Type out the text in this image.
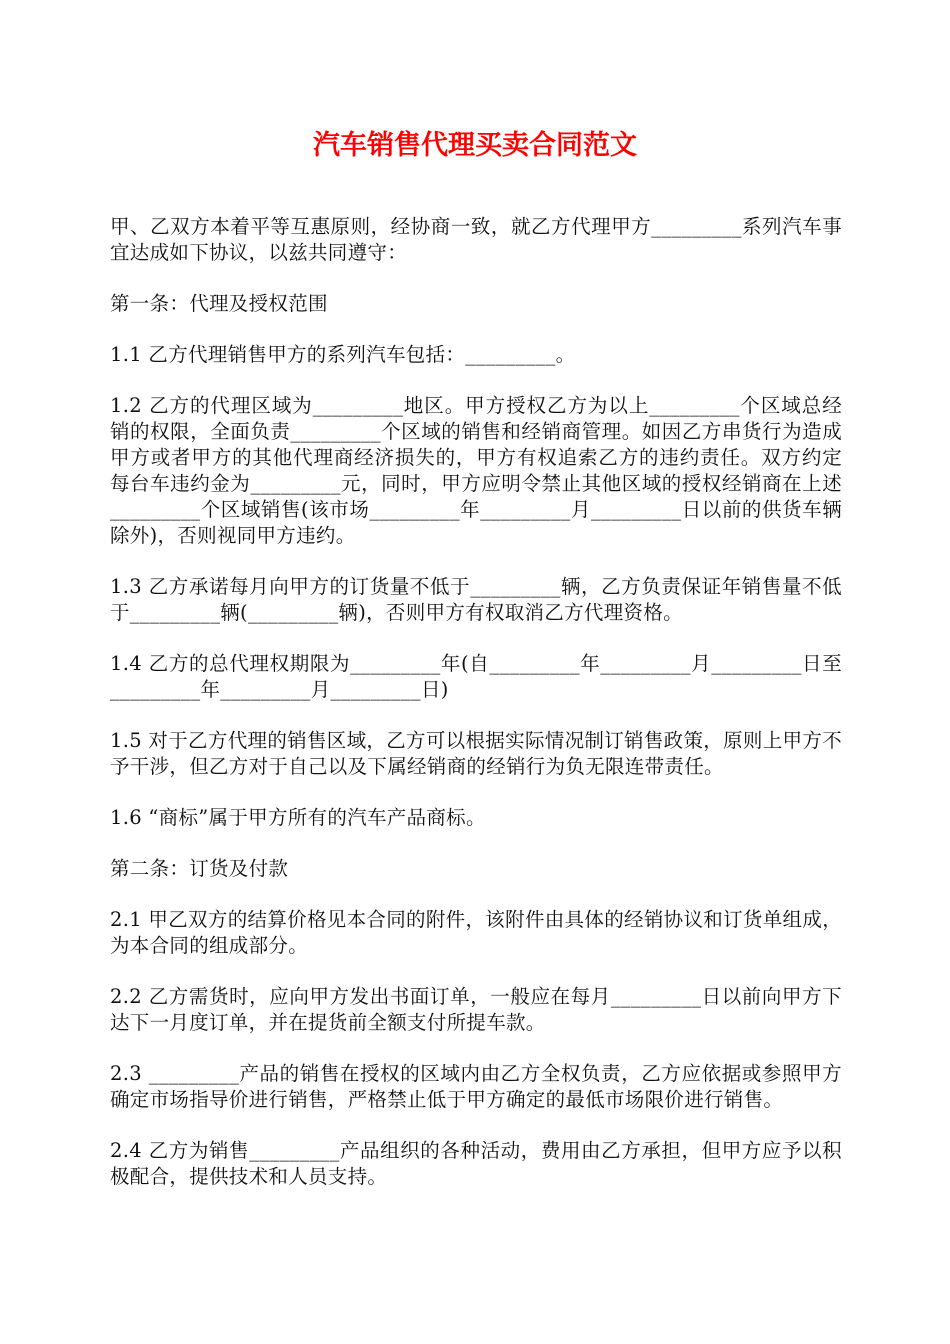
汽车销售代理买卖合同范文

甲、乙双方本着平等互惠原则，经协商一致，就乙方代理甲方_________系列汽车事宜达成如下协议，以兹共同遵守：

第一条：代理及授权范围

1.1 乙方代理销售甲方的系列汽车包括：_________。

1.2 乙方的代理区域为_________地区。甲方授权乙方为以上_________个区域总经销的权限，全面负责_________个区域的销售和经销商管理。如因乙方串货行为造成甲方或者甲方的其他代理商经济损失的，甲方有权追索乙方的违约责任。双方约定每台车违约金为_________元，同时，甲方应明令禁止其他区域的授权经销商在上述_________个区域销售(该市场_________年_________月_________日以前的供货车辆除外)，否则视同甲方违约。

1.3 乙方承诺每月向甲方的订货量不低于_________辆，乙方负责保证年销售量不低于_________辆(_________辆)，否则甲方有权取消乙方代理资格。

1.4 乙方的总代理权期限为_________年(自_________年_________月_________日至_________年_________月_________日)

1.5 对于乙方代理的销售区域，乙方可以根据实际情况制订销售政策，原则上甲方不予干涉，但乙方对于自己以及下属经销商的经销行为负无限连带责任。

1.6 “商标”属于甲方所有的汽车产品商标。

第二条：订货及付款

2.1 甲乙双方的结算价格见本合同的附件，该附件由具体的经销协议和订货单组成，为本合同的组成部分。

2.2 乙方需货时，应向甲方发出书面订单，一般应在每月_________日以前向甲方下达下一月度订单，并在提货前全额支付所提车款。

2.3 _________产品的销售在授权的区域内由乙方全权负责，乙方应依据或参照甲方确定市场指导价进行销售，严格禁止低于甲方确定的最低市场限价进行销售。

2.4 乙方为销售_________产品组织的各种活动，费用由乙方承担，但甲方应予以积极配合，提供技术和人员支持。
